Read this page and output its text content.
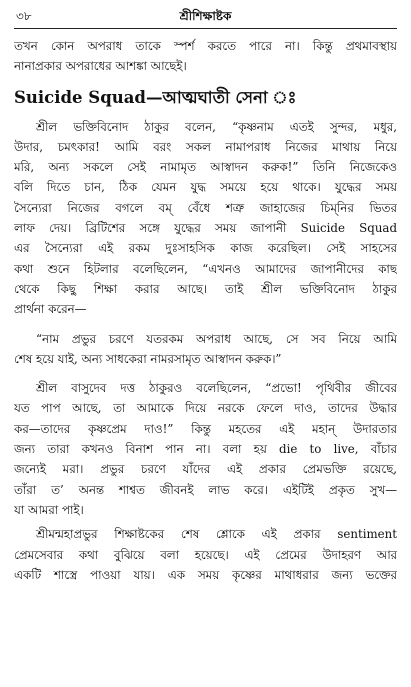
৩৮	শ্রীশিক্ষাষ্টক
তখন কোন অপরাধ তাকে স্পর্শ করতে পারে না। কিন্তু প্রথমাবস্থায়
নানাপ্রকার অপরাধের আশঙ্কা আছেই।
Suicide Squad—আত্মঘাতী সেনা ঃ
শ্রীল ভক্তিবিনোদ ঠাকুর বলেন, “কৃষ্ণনাম এতই সুন্দর, মধুর,
উদার, চমৎকার! আমি বরং সকল নামাপরাধ নিজের মাথায় নিয়ে
মরি, অন্য সকলে সেই নামামৃত আস্বাদন করুক!” তিনি নিজেকেও
বলি দিতে চান, ঠিক যেমন যুদ্ধ সময়ে হয়ে থাকে। যুদ্ধের সময়
সৈন্যেরা নিজের বগলে বম্ বেঁধে শত্রু জাহাজের চিম্‌নির ভিতর
লাফ দেয়। ব্রিটিশের সঙ্গে যুদ্ধের সময় জাপানী Suicide Squad
এর সৈন্যেরা এই রকম দুঃসাহসিক কাজ করেছিল। সেই সাহসের
কথা শুনে হিটলার বলেছিলেন, “এখনও আমাদের জাপানীদের কাছ
থেকে কিছু শিক্ষা করার আছে। তাই শ্রীল ভক্তিবিনোদ ঠাকুর
প্রার্থনা করেন—
“নাম প্রভুর চরণে যতরকম অপরাধ আছে, সে সব নিয়ে আমি
শেষ হয়ে যাই, অন্য সাধকেরা নামরসামৃত আস্বাদন করুক।”
শ্রীল বাসুদেব দত্ত ঠাকুরও বলেছিলেন, “প্রভো! পৃথিবীর জীবের
যত পাপ আছে, তা আমাকে দিয়ে নরকে ফেলে দাও, তাদের উদ্ধার
কর—তাদের কৃষ্ণপ্রেম দাও!” কিন্তু মহতের এই মহান্ উদারতার
জন্য তারা কখনও বিনাশ পান না। বলা হয় die to live, বাঁচার
জন্যেই মরা। প্রভুর চরণে যাঁদের এই প্রকার প্রেমভক্তি রয়েছে,
তাঁরা ত’ অনন্ত শাশ্বত জীবনই লাভ করে। এইটিই প্রকৃত সুখ—
যা আমরা পাই।
শ্রীমন্মহাপ্রভুর শিক্ষাষ্টকের শেষ শ্লোকে এই প্রকার sentiment
প্রেমসেবার কথা বুঝিয়ে বলা হয়েছে। এই প্রেমের উদাহরণ আর
একটি শাস্ত্রে পাওয়া যায়। এক সময় কৃষ্ণের মাথাধরার জন্য ভক্তের
